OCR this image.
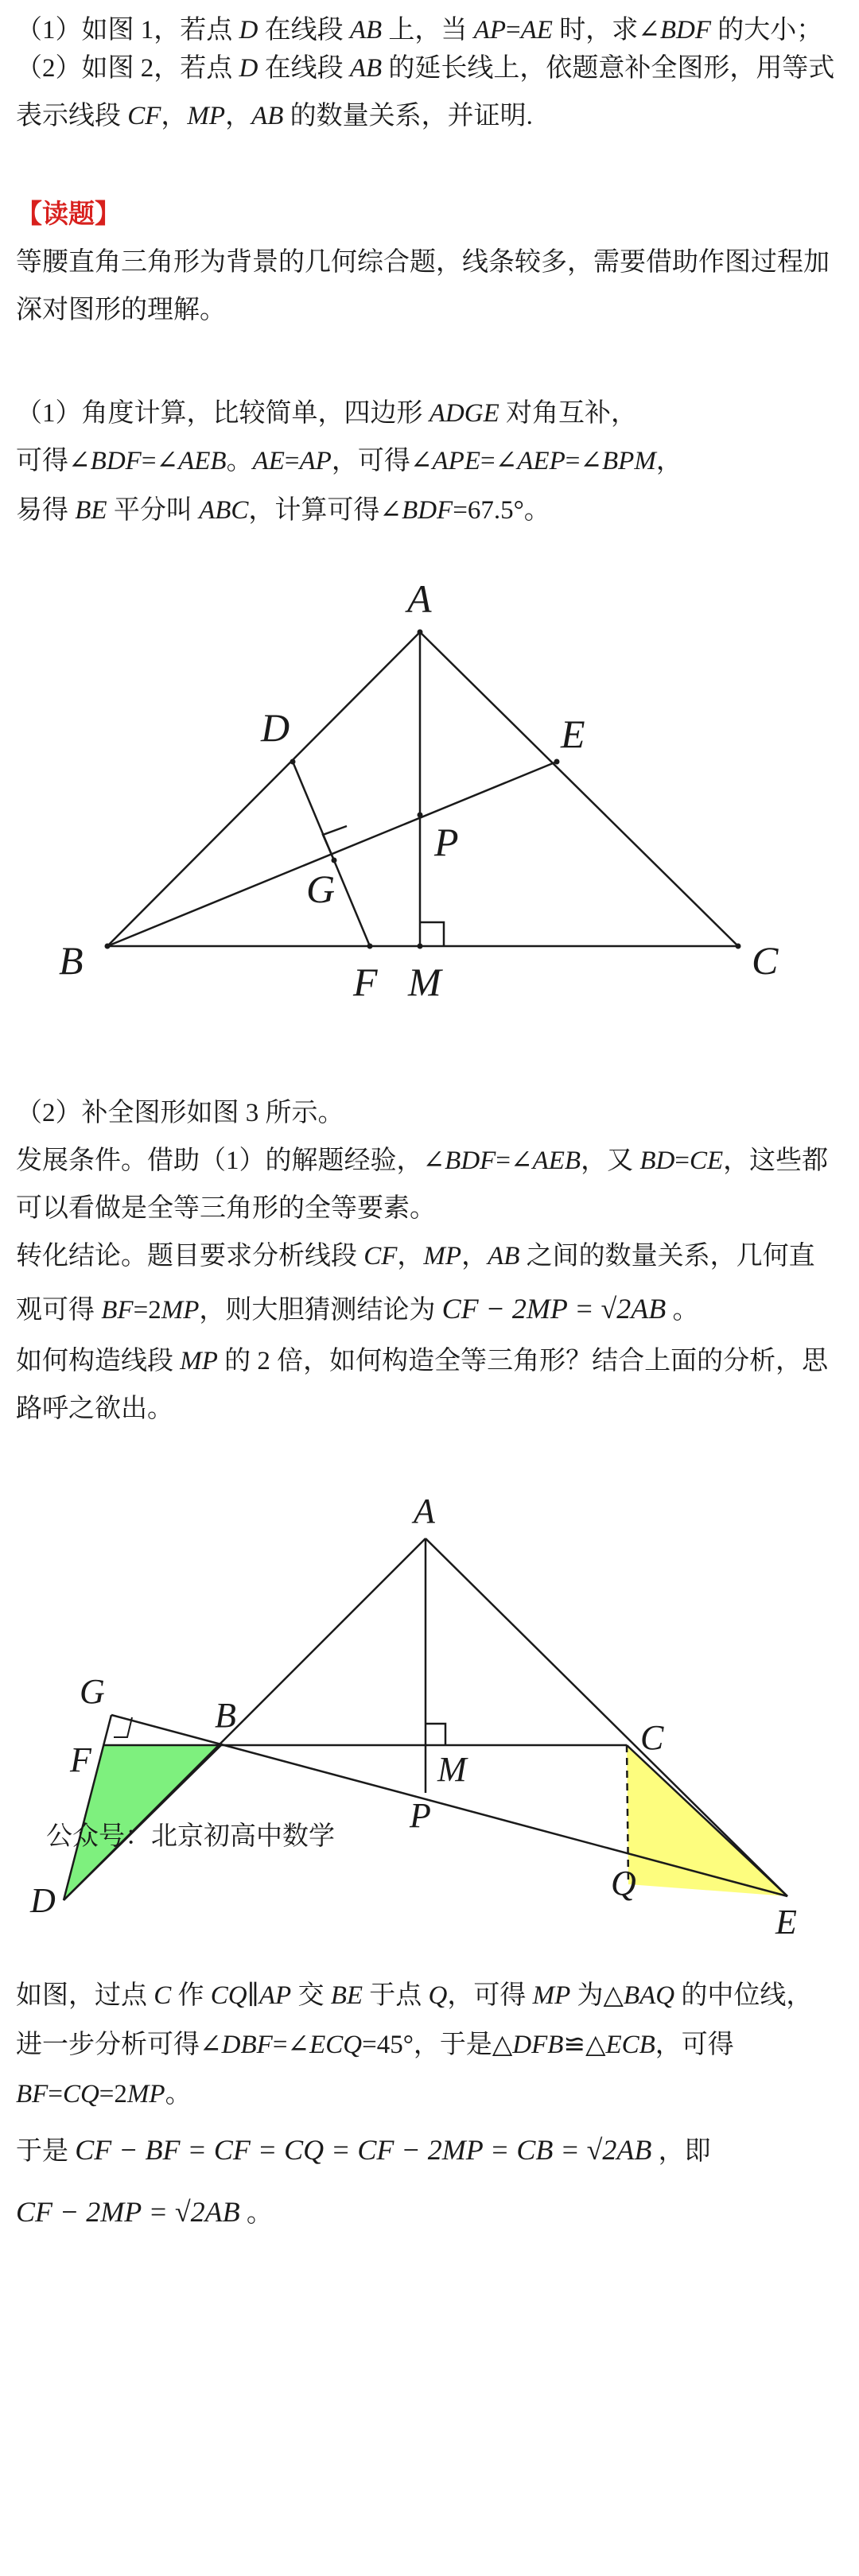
（1）如图 1，若点 D 在线段 AB 上，当 AP=AE 时，求∠BDF 的大小；
（2）如图 2，若点 D 在线段 AB 的延长线上，依题意补全图形，用等式
表示线段 CF，MP，AB 的数量关系，并证明.
【读题】
等腰直角三角形为背景的几何综合题，线条较多，需要借助作图过程加
深对图形的理解。
（1）角度计算，比较简单，四边形 ADGE 对角互补，
可得∠BDF=∠AEB。AE=AP，可得∠APE=∠AEP=∠BPM，
易得 BE 平分叫 ABC，计算可得∠BDF=67.5°。
A
B	C
D	E
F
G
M
P
（2）补全图形如图 3 所示。
发展条件。借助（1）的解题经验，∠BDF=∠AEB，又 BD=CE，这些都
可以看做是全等三角形的全等要素。
转化结论。题目要求分析线段 CF，MP，AB 之间的数量关系，几何直
观可得 BF=2MP，则大胆猜测结论为 CF − 2MP = √2AB 。
如何构造线段 MP 的 2 倍，如何构造全等三角形？结合上面的分析，思
路呼之欲出。
A
B
C
D
E
F
G
M
P
Q
公众号：北京初高中数学
如图，过点 C 作 CQ∥AP 交 BE 于点 Q，可得 MP 为△BAQ 的中位线，
进一步分析可得∠DBF=∠ECQ=45°，于是△DFB≌△ECB，可得
BF=CQ=2MP。
于是 CF − BF = CF = CQ = CF − 2MP = CB = √2AB ，即
CF − 2MP = √2AB 。
